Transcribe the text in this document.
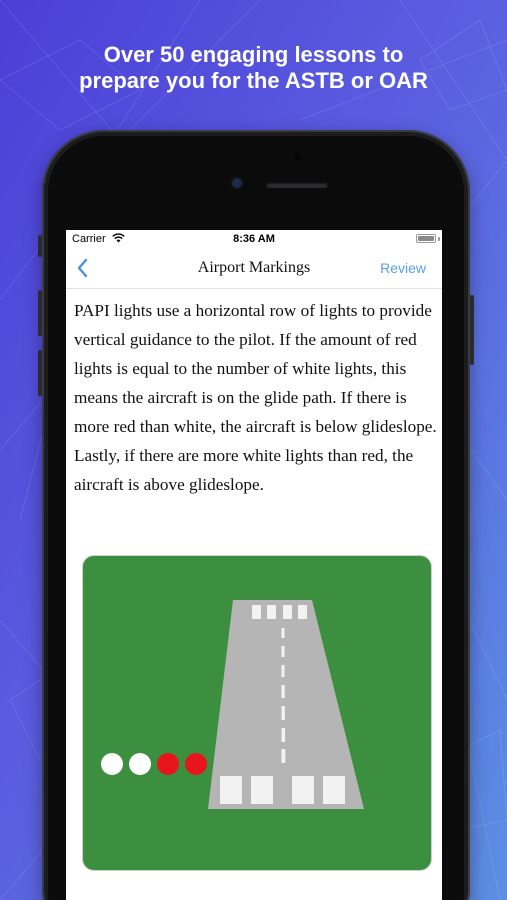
Over 50 engaging lessons to
prepare you for the ASTB or OAR
Carrier	8:36 AM
Airport Markings	Review

PAPI lights use a horizontal row of lights to provide vertical guidance to the pilot. If the amount of red lights is equal to the number of white lights, this means the aircraft is on the glide path. If there is more red than white, the aircraft is below glideslope. Lastly, if there are more white lights than red, the aircraft is above glideslope.
